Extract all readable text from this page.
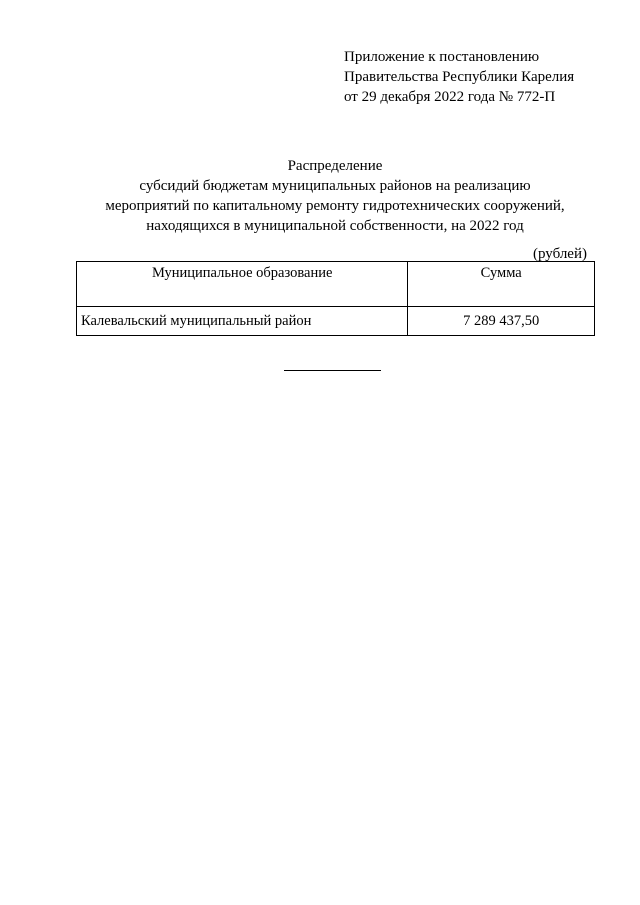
Приложение к постановлению
Правительства Республики Карелия
от 29 декабря 2022 года № 772-П
Распределение
субсидий бюджетам муниципальных районов на реализацию
мероприятий по капитальному ремонту гидротехнических сооружений,
находящихся в муниципальной собственности, на 2022 год
(рублей)
Муниципальное образование	Сумма
Калевальский муниципальный район	7 289 437,50
